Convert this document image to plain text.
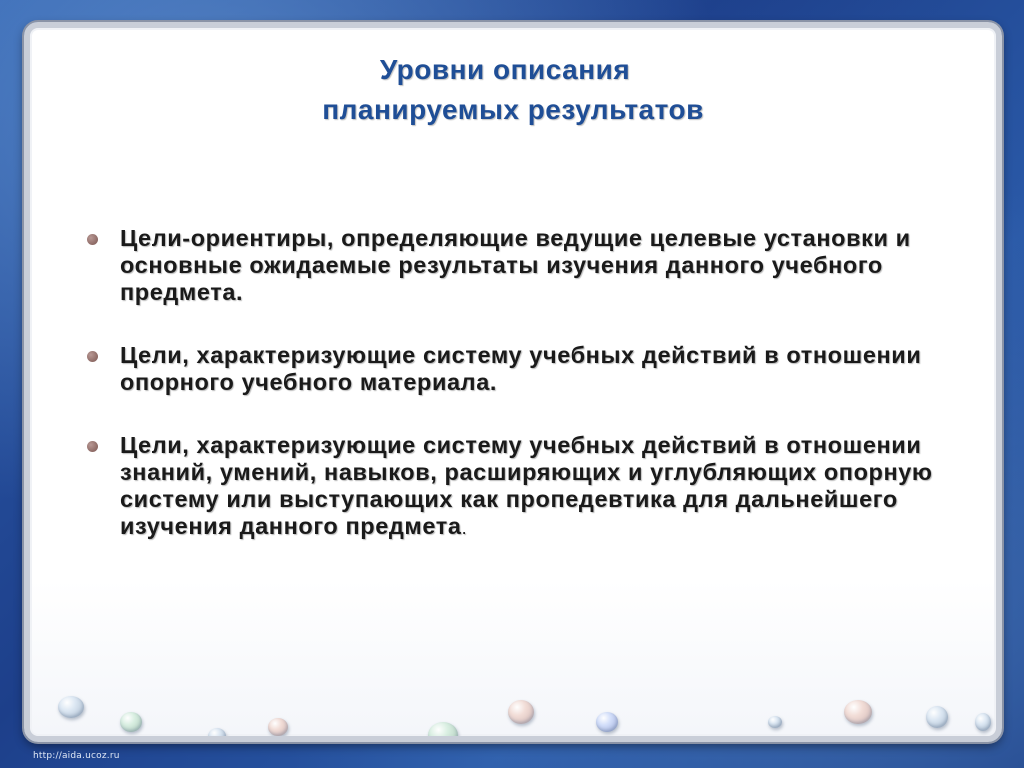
Уровни описания
планируемых результатов
Цели-ориентиры, определяющие ведущие целевые установки и основные ожидаемые результаты изучения данного учебного предмета.
Цели, характеризующие систему учебных действий в отношении опорного учебного материала.
Цели, характеризующие систему учебных действий в отношении знаний, умений, навыков, расширяющих и углубляющих опорную систему или выступающих как пропедевтика для дальнейшего изучения данного предмета.
http://aida.ucoz.ru
